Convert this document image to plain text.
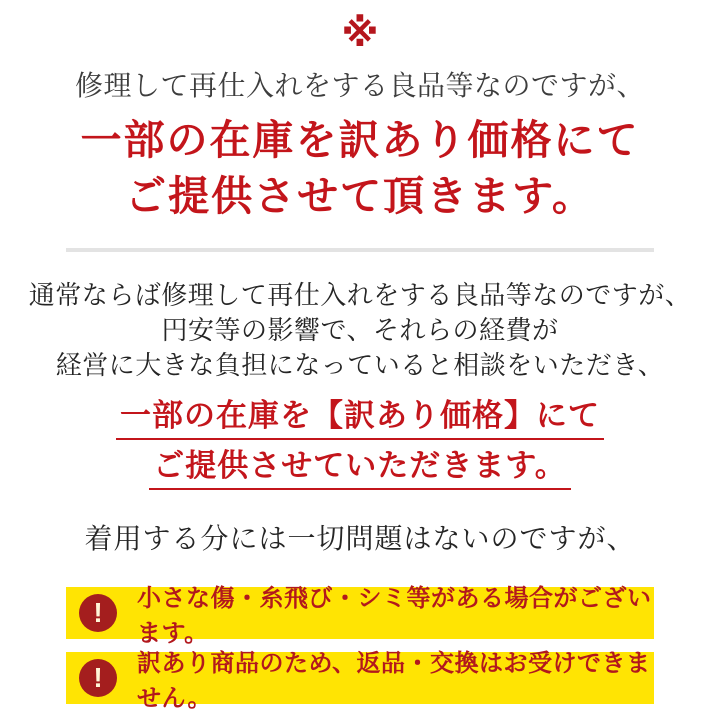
※
修理して再仕入れをする良品等なのですが、
一部の在庫を訳あり価格にて
ご提供させて頂きます。
通常ならば修理して再仕入れをする良品等なのですが、
円安等の影響で、それらの経費が
経営に大きな負担になっていると相談をいただき、
一部の在庫を【訳あり価格】にて
ご提供させていただきます。
着用する分には一切問題はないのですが、
!	小さな傷・糸飛び・シミ等がある場合がございます。
!	訳あり商品のため、返品・交換はお受けできません。
